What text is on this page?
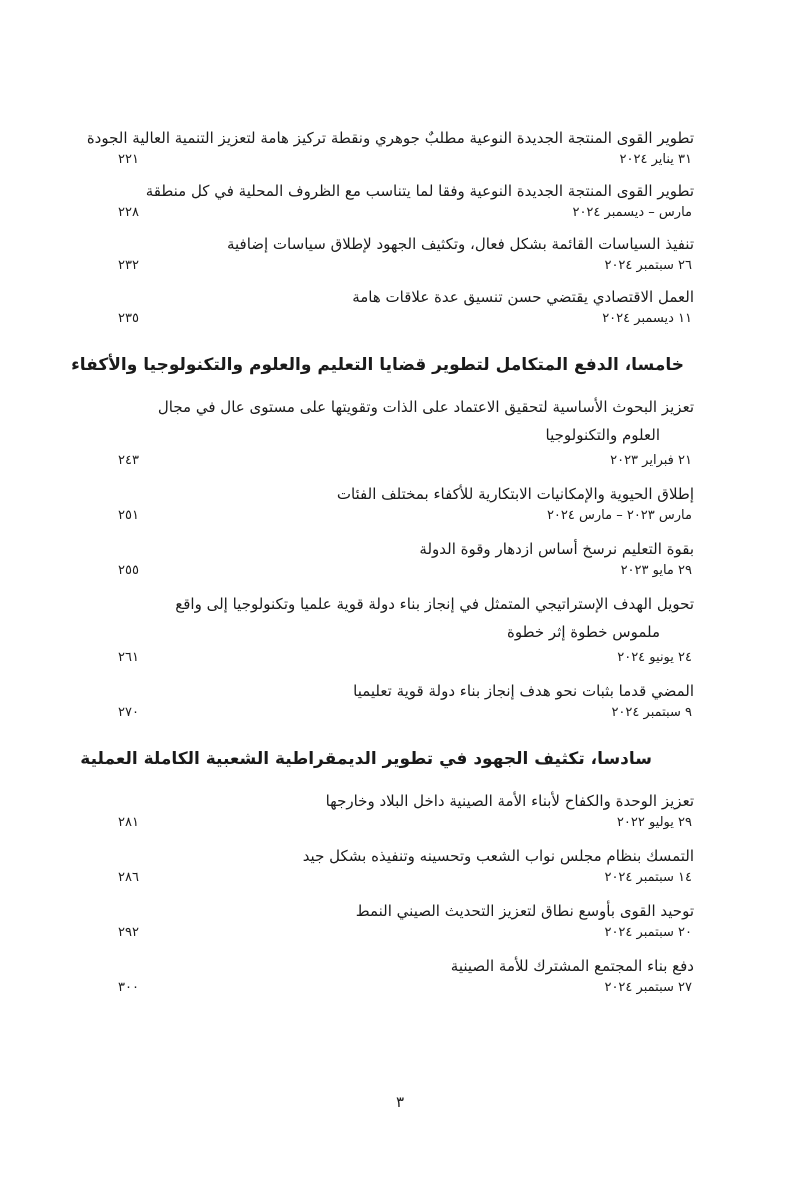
تطوير القوى المنتجة الجديدة النوعية مطلبٌ جوهري ونقطة تركيز هامة لتعزيز التنمية العالية الجودة
٣١ يناير ٢٠٢٤
٢٢١
تطوير القوى المنتجة الجديدة النوعية وفقا لما يتناسب مع الظروف المحلية في كل منطقة
مارس – ديسمبر ٢٠٢٤
٢٢٨
تنفيذ السياسات القائمة بشكل فعال، وتكثيف الجهود لإطلاق سياسات إضافية
٢٦ سبتمبر ٢٠٢٤
٢٣٢
العمل الاقتصادي يقتضي حسن تنسيق عدة علاقات هامة
١١ ديسمبر ٢٠٢٤
٢٣٥
خامسا، الدفع المتكامل لتطوير قضايا التعليم والعلوم والتكنولوجيا والأكفاء
تعزيز البحوث الأساسية لتحقيق الاعتماد على الذات وتقويتها على مستوى عال في مجال
العلوم والتكنولوجيا
٢١ فبراير ٢٠٢٣
٢٤٣
إطلاق الحيوية والإمكانيات الابتكارية للأكفاء بمختلف الفئات
مارس ٢٠٢٣ – مارس ٢٠٢٤
٢٥١
بقوة التعليم نرسخ أساس ازدهار وقوة الدولة
٢٩ مايو ٢٠٢٣
٢٥٥
تحويل الهدف الإستراتيجي المتمثل في إنجاز بناء دولة قوية علميا وتكنولوجيا إلى واقع
ملموس خطوة إثر خطوة
٢٤ يونيو ٢٠٢٤
٢٦١
المضي قدما بثبات نحو هدف إنجاز بناء دولة قوية تعليميا
٩ سبتمبر ٢٠٢٤
٢٧٠
سادسا، تكثيف الجهود في تطوير الديمقراطية الشعبية الكاملة العملية
تعزيز الوحدة والكفاح لأبناء الأمة الصينية داخل البلاد وخارجها
٢٩ يوليو ٢٠٢٢
٢٨١
التمسك بنظام مجلس نواب الشعب وتحسينه وتنفيذه بشكل جيد
١٤ سبتمبر ٢٠٢٤
٢٨٦
توحيد القوى بأوسع نطاق لتعزيز التحديث الصيني النمط
٢٠ سبتمبر ٢٠٢٤
٢٩٢
دفع بناء المجتمع المشترك للأمة الصينية
٢٧ سبتمبر ٢٠٢٤
٣٠٠
٣
